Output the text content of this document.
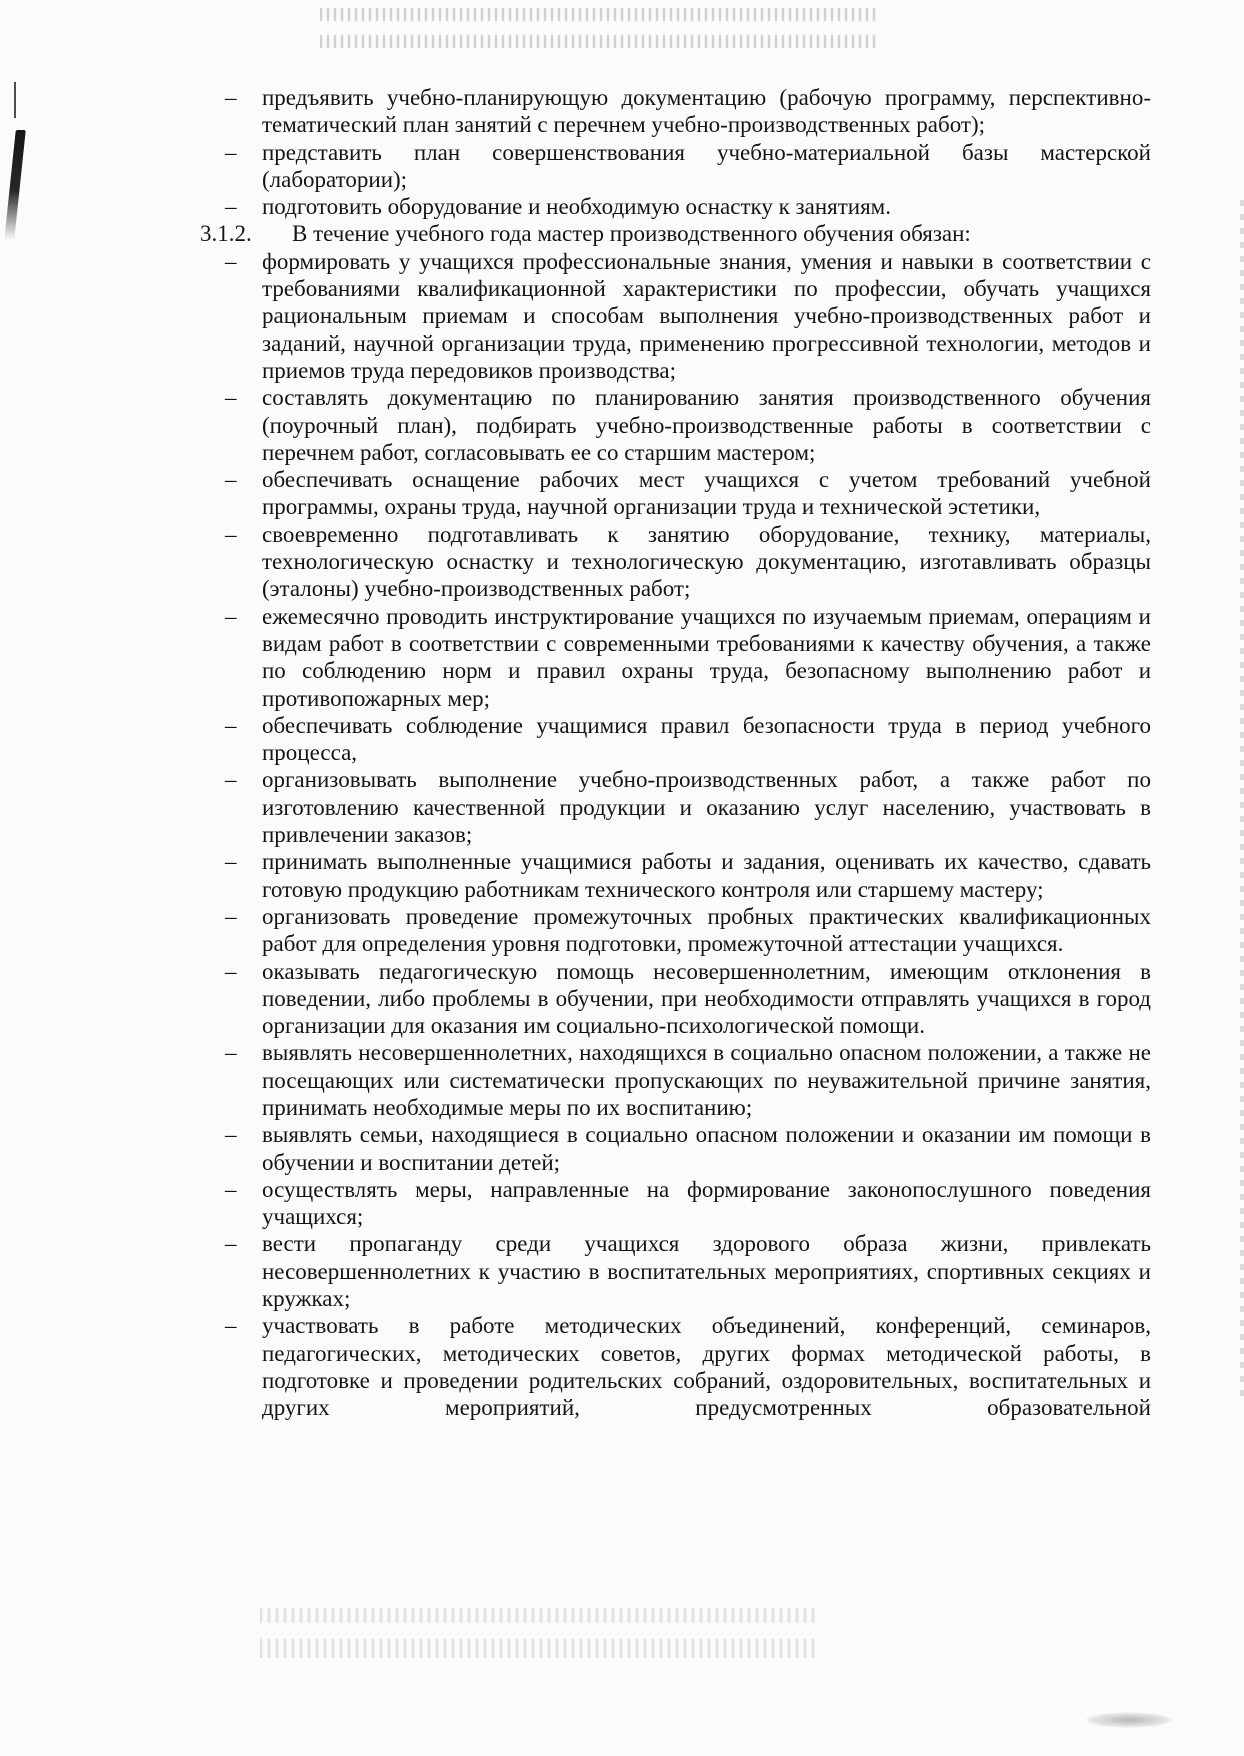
–
предъявить учебно-планирующую документацию (рабочую программу, перспективно-тематический план занятий с перечнем учебно-производственных работ);
–
представить план совершенствования учебно-материальной базы мастерской (лаборатории);
–
подготовить оборудование и необходимую оснастку к занятиям.

3.1.2.	В течение учебного года мастер производственного обучения обязан:

–
формировать у учащихся профессиональные знания, умения и навыки в соответствии с требованиями квалификационной характеристики по профессии, обучать учащихся рациональным приемам и способам выполнения учебно-производственных работ и заданий, научной организации труда, применению прогрессивной технологии, методов и приемов труда передовиков производства;
–
составлять документацию по планированию занятия производственного обучения (поурочный план), подбирать учебно-производственные работы в соответствии с перечнем работ, согласовывать ее со старшим мастером;
–
обеспечивать оснащение рабочих мест учащихся с учетом требований учебной программы, охраны труда, научной организации труда и технической эстетики,
–
своевременно подготавливать к занятию оборудование, технику, материалы, технологическую оснастку и технологическую документацию, изготавливать образцы (эталоны) учебно-производственных работ;
–
ежемесячно проводить инструктирование учащихся по изучаемым приемам, операциям и видам работ в соответствии с современными требованиями к качеству обучения, а также по соблюдению норм и правил охраны труда, безопасному выполнению работ и противопожарных мер;
–
обеспечивать соблюдение учащимися правил безопасности труда в период учебного процесса,
–
организовывать выполнение учебно-производственных работ, а также работ по изготовлению качественной продукции и оказанию услуг населению, участвовать в привлечении заказов;
–
принимать выполненные учащимися работы и задания, оценивать их качество, сдавать готовую продукцию работникам технического контроля или старшему мастеру;
–
организовать проведение промежуточных пробных практических квалификационных работ для определения уровня подготовки, промежуточной аттестации учащихся.
–
оказывать педагогическую помощь несовершеннолетним, имеющим отклонения в поведении, либо проблемы в обучении, при необходимости отправлять учащихся в город организации для оказания им социально-психологической помощи.
–
выявлять несовершеннолетних, находящихся в социально опасном положении, а также не посещающих или систематически пропускающих по неуважительной причине занятия, принимать необходимые меры по их воспитанию;
–
выявлять семьи, находящиеся в социально опасном положении и оказании им помощи в обучении и воспитании детей;
–
осуществлять меры, направленные на формирование законопослушного поведения учащихся;
–
вести пропаганду среди учащихся здорового образа жизни, привлекать несовершеннолетних к участию в воспитательных мероприятиях, спортивных секциях и кружках;
–
участвовать в работе методических объединений, конференций, семинаров, педагогических, методических советов, других формах методической работы, в подготовке и проведении родительских собраний, оздоровительных, воспитательных и других мероприятий, предусмотренных образовательной
